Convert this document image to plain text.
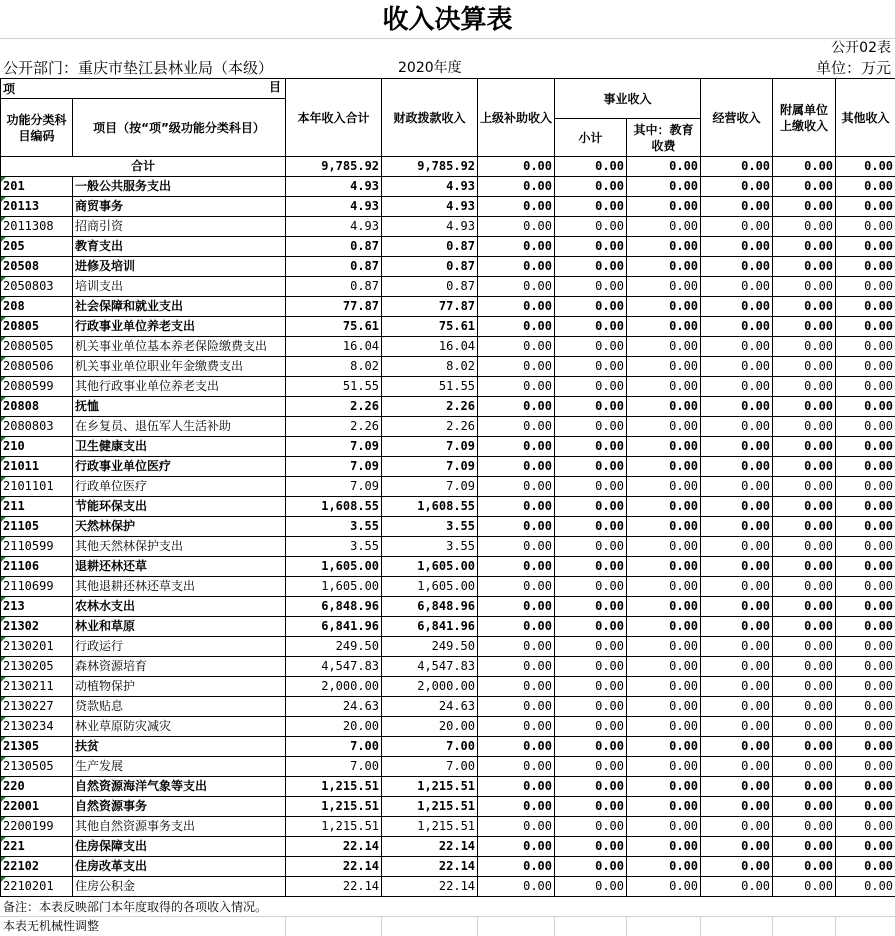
收入决算表
公开02表
公开部门：重庆市垫江县林业局（本级）	2020年度	单位：万元
项 目		本年收入合计	财政拨款收入	上级补助收入	事业收入		经营收入	附属单位上缴收入	其他收入
功能分类科目编码	项目（按“项”级功能分类科目）								
					小计	其中：教育收费			
合计		9,785.92	9,785.92	0.00	0.00	0.00	0.00	0.00	0.00
201	一般公共服务支出	4.93	4.93	0.00	0.00	0.00	0.00	0.00	0.00
20113	商贸事务	4.93	4.93	0.00	0.00	0.00	0.00	0.00	0.00
2011308	招商引资	4.93	4.93	0.00	0.00	0.00	0.00	0.00	0.00
205	教育支出	0.87	0.87	0.00	0.00	0.00	0.00	0.00	0.00
20508	进修及培训	0.87	0.87	0.00	0.00	0.00	0.00	0.00	0.00
2050803	培训支出	0.87	0.87	0.00	0.00	0.00	0.00	0.00	0.00
208	社会保障和就业支出	77.87	77.87	0.00	0.00	0.00	0.00	0.00	0.00
20805	行政事业单位养老支出	75.61	75.61	0.00	0.00	0.00	0.00	0.00	0.00
2080505	机关事业单位基本养老保险缴费支出	16.04	16.04	0.00	0.00	0.00	0.00	0.00	0.00
2080506	机关事业单位职业年金缴费支出	8.02	8.02	0.00	0.00	0.00	0.00	0.00	0.00
2080599	其他行政事业单位养老支出	51.55	51.55	0.00	0.00	0.00	0.00	0.00	0.00
20808	抚恤	2.26	2.26	0.00	0.00	0.00	0.00	0.00	0.00
2080803	在乡复员、退伍军人生活补助	2.26	2.26	0.00	0.00	0.00	0.00	0.00	0.00
210	卫生健康支出	7.09	7.09	0.00	0.00	0.00	0.00	0.00	0.00
21011	行政事业单位医疗	7.09	7.09	0.00	0.00	0.00	0.00	0.00	0.00
2101101	行政单位医疗	7.09	7.09	0.00	0.00	0.00	0.00	0.00	0.00
211	节能环保支出	1,608.55	1,608.55	0.00	0.00	0.00	0.00	0.00	0.00
21105	天然林保护	3.55	3.55	0.00	0.00	0.00	0.00	0.00	0.00
2110599	其他天然林保护支出	3.55	3.55	0.00	0.00	0.00	0.00	0.00	0.00
21106	退耕还林还草	1,605.00	1,605.00	0.00	0.00	0.00	0.00	0.00	0.00
2110699	其他退耕还林还草支出	1,605.00	1,605.00	0.00	0.00	0.00	0.00	0.00	0.00
213	农林水支出	6,848.96	6,848.96	0.00	0.00	0.00	0.00	0.00	0.00
21302	林业和草原	6,841.96	6,841.96	0.00	0.00	0.00	0.00	0.00	0.00
2130201	行政运行	249.50	249.50	0.00	0.00	0.00	0.00	0.00	0.00
2130205	森林资源培育	4,547.83	4,547.83	0.00	0.00	0.00	0.00	0.00	0.00
2130211	动植物保护	2,000.00	2,000.00	0.00	0.00	0.00	0.00	0.00	0.00
2130227	贷款贴息	24.63	24.63	0.00	0.00	0.00	0.00	0.00	0.00
2130234	林业草原防灾减灾	20.00	20.00	0.00	0.00	0.00	0.00	0.00	0.00
21305	扶贫	7.00	7.00	0.00	0.00	0.00	0.00	0.00	0.00
2130505	生产发展	7.00	7.00	0.00	0.00	0.00	0.00	0.00	0.00
220	自然资源海洋气象等支出	1,215.51	1,215.51	0.00	0.00	0.00	0.00	0.00	0.00
22001	自然资源事务	1,215.51	1,215.51	0.00	0.00	0.00	0.00	0.00	0.00
2200199	其他自然资源事务支出	1,215.51	1,215.51	0.00	0.00	0.00	0.00	0.00	0.00
221	住房保障支出	22.14	22.14	0.00	0.00	0.00	0.00	0.00	0.00
22102	住房改革支出	22.14	22.14	0.00	0.00	0.00	0.00	0.00	0.00
2210201	住房公积金	22.14	22.14	0.00	0.00	0.00	0.00	0.00	0.00
备注：本表反映部门本年度取得的各项收入情况。
本表无机械性调整
